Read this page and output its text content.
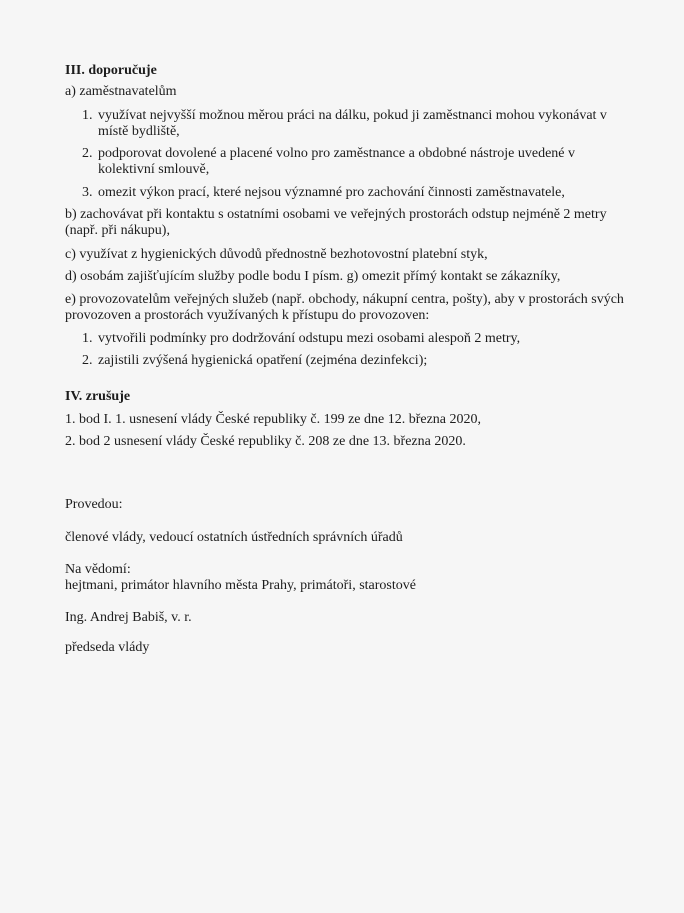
III. doporučuje
a) zaměstnavatelům
1. využívat nejvyšší možnou měrou práci na dálku, pokud ji zaměstnanci mohou vykonávat v místě bydliště,
2. podporovat dovolené a placené volno pro zaměstnance a obdobné nástroje uvedené v kolektivní smlouvě,
3. omezit výkon prací, které nejsou významné pro zachování činnosti zaměstnavatele,
b) zachovávat při kontaktu s ostatními osobami ve veřejných prostorách odstup nejméně 2 metry (např. při nákupu),
c) využívat z hygienických důvodů přednostně bezhotovostní platební styk,
d) osobám zajišťujícím služby podle bodu I písm. g) omezit přímý kontakt se zákazníky,
e) provozovatelům veřejných služeb (např. obchody, nákupní centra, pošty), aby v prostorách svých provozoven a prostorách využívaných k přístupu do provozoven:
1. vytvořili podmínky pro dodržování odstupu mezi osobami alespoň 2 metry,
2. zajistili zvýšená hygienická opatření (zejména dezinfekci);
IV. zrušuje
1. bod I. 1. usnesení vlády České republiky č. 199 ze dne 12. března 2020,
2. bod 2 usnesení vlády České republiky č. 208 ze dne 13. března 2020.
Provedou:
členové vlády, vedoucí ostatních ústředních správních úřadů
Na vědomí:
hejtmani, primátor hlavního města Prahy, primátoři, starostové
Ing. Andrej Babiš, v. r.
předseda vlády
